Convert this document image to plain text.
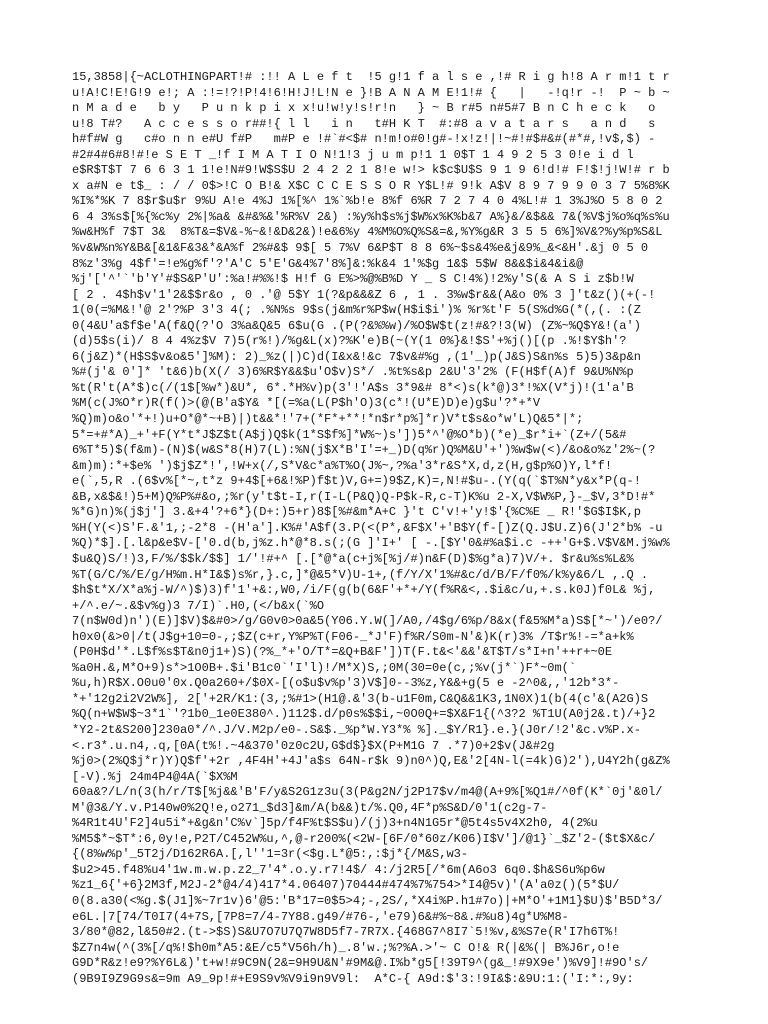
15,3858|{~ACLOTHINGPART!# :!! A L e f t  !5 g!1 f a l s e ,!# R i g h!8 A r m!1 t r
u!A!C!E!G!9 e!; A :!=!?!P!4!6!H!J!L!N e }!B A N A M E!1!# {   |   -!q!r -!  P ~ b ~
n M a d e   b y   P u n k p i x x!u!w!y!s!r!n   } ~ B r#5 n#5#7 B n C h e c k   o
u!8 T#?   A c c e s s o r##!{ l l   i n   t#H K T  #:#8 a v a t a r s   a n d   s
h#f#W g   c#o n n e#U f#P   m#P e !#`#<$# n!m!o#0!g#-!x!z!|!~#!#$#&#(#*#,!v$,$) -
#2#4#6#8!#!e S E T _!f I M A T I O N!1!3 j u m p!1 1 0$T 1 4 9 2 5 3 0!e i d l
e$R$T$T 7 6 6 3 1 1!e!N#9!W$S$U 2 4 2 2 1 8!e w!> k$c$U$S 9 1 9 6!d!# F!$!j!W!# r b
x a#N e t$_ : / / 0$>!C O B!& X$C C C E S S O R Y$L!# 9!k A$V 8 9 7 9 9 0 3 7 5%8%K
%I%*%K 7 8$r$u$r 9%U A!e 4%J 1%[%^ 1%`%b!e 8%f 6%R 7 2 7 4 0 4%L!# 1 3%J%O 5 8 0 2
6 4 3%s$[%{%c%y 2%|%a& &#&%&'%R%V 2&) :%y%h$s%j$W%x%K%b&7 A%}&/&$&& 7&(%V$j%o%q%s%u
%w&H%f 7$T 3&  8%T&=$V&-%~&!&D&2&)!e&6%y 4%M%O%Q%S&=&,%Y%g&R 3 5 5 6%]%V&?%y%p%S&L
%v&W%n%Y&B&[&1&F&3&*&A%f 2%#&$ 9$[ 5 7%V 6&P$T 8 8 6%~$s&4%e&j&9%_&<&H'.&j 0 5 0
8%z'3%g 4$f'=!e%g%f'?'A'C 5'E'G&4%7'8%]&:%k&4 1'%$g 1&$ 5$W 8&&$i&4&i&@
%j'['^'`'b'Y'#$S&P'U':%a!#%%!$ H!f G E%>%@%B%D Y _ S C!4%)!2%y'S(& A S i z$b!W
[ 2 . 4$h$v'1'2&$$r&o , 0 .'@ 5$Y 1(?&p&&&Z 6 , 1 . 3%w$r&&(A&o 0% 3 ]'t&z()(+(-!
1(0(=%M&!'@ 2'?%P 3'3 4(; .%N%s 9$s(j&m%r%P$w(H$i$i')% %r%t'F 5(S%d%G(*(,(. :(Z
0(4&U'a$f$e'A(f&Q(?'O 3%a&Q&5 6$u(G .(P(?&%%w)/%O$W$t(z!#&?!3(W) (Z%~%Q$Y&!(a')
(d)5$s(i)/ 8 4 4%z$V 7)5(r%!)/%g&L(x)?%K'e)B(~(Y(1 0%}&!$S'+%j()[(p .%!$Y$h'?
6(j&Z)*(H$S$v&o&5']%M): 2)_%z(|)C)d(I&x&!&c 7$v&#%g ,(1'_)p(J&S)S&n%s 5)5)3&p&n
%#(j'& 0']* 't&6)b(X(/ 3)6%R$Y&&$u'O$v)S*/ .%t%s&p 2&U'3'2% (F(H$f(A)f 9&U%N%p
%t(R't(A*$)c(/(1$[%w*)&U*, 6*.*H%v)p(3'!'A$s 3*9&# 8*<)s(k*@)3*!%X(V*j)!(1'a'B
%M(c(J%O*r)R(f()>(@(B'a$Y& *[(=%a(L(P$h'O)3(c*!(U*E)D)e)g$u'?*+*V
%Q)m)o&o'*+!)u+O*@*~+B)|)t&&*!'7+(*F*+**!*n$r*p%]*r)V*t$s&o*w'L)Q&5*|*;
5*=+#*A)_+'+F(Y*t*J$Z$t(A$j)Q$k(1*S$f%]*W%~)s'])5*^'@%O*b)(*e)_$r*i+`(Z+/(5&#
6%T*5)$(f&m)-(N)$(w&S*8(H)7(L):%N(j$X*B'I'=+_)D(q%r)Q%M&U'+')%w$w(<)/&o&o%z'2%~(?
&m)m):*+$e% ')$j$Z*!',!W+x(/,S*V&c*a%T%O(J%~,?%a'3*r&S*X,d,z(H,g$p%O)Y,l*f!
e(`,5,R .(6$v%[*~,t*z 9+4$[+6&!%P)f$t)V,G+=)9$Z,K)=,N!#$u-.(Y(q(`$T%N*y&x*P(q-!
&B,x&$&!)5+M)Q%P%#&o,;%r(y't$t-I,r(I-L(P&Q)Q-P$k-R,c-T)K%u 2-X,V$W%P,}-_$V,3*D!#*
%*G)n)%(j$j'] 3.&+4'?+6*}(D+:)5+r)8$[%#&m*A+C }'t C'v!+'y!$'{%C%E _ R!'$G$I$K,p
%H(Y(<)S'F.&'1,;-2*8 -(H'a'].K%#'A$f(3.P(<(P*,&F$X'+'B$Y(f-[)Z(Q.J$U.Z)6(J'2*b% -u
%Q)*$].[.l&p&e$V-['0.d(b,j%z.h*@*8.s(;(G ]'I+' [ -.[$Y'0&#%a$i.c -++'G+$.V$V&M.j%w%
$u&Q)S/!)3,F/%/$$k/$$] 1/'!#+^ [.[*@*a(c+j%[%j/#)n&F(D)$%g*a)7)V/+. $r&u%s%L&%
%T(G/C/%/E/g/H%m.H*I&$)s%r,}.c,]*@&5*V)U-1+,(f/Y/X'1%#&c/d/B/F/f0%/k%y&6/L ,.Q .
$h$t*X/X*a%j-W/^)$)3)f'1'+&:,W0,/i/F(g(b(6&F'+*+/Y(f%R&<,.$i&c/u,+.s.k0J)f0L& %j,
+/^.e/~.&$v%g)3 7/I)`.H0,(</b&x(`%O
7(n$W0d)n')(E)]$V)$&#0>/g/G0v0>0a&5(Y06.Y.W(]/A0,/4$g/6%p/8&x(f&5%M*a)S$[*~')/e0?/
h0x0(&>0|/t(J$g+10=0-,;$Z(c+r,Y%P%T(F06-_*J'F)f%R/S0m-N'&)K(r)3% /T$r%!-=*a+k%
(P0H$d'*.L$f%s$T&n0j1+)S)(?%_*+'O/T*=&Q+B&F'])T(F.t&<'&&'&T$T/s*I+n'++r+~0E
%a0H.&,M*O+9)s*>1O0B+.$i'B1c0`'I'l)!/M*X)S,;0M(30=0e(c,;%v(j*`)F*~0m(`
%u,h)R$X.O0u0'0x.Q0a260+/$0X-[(o$u$v%p'3)V$]0--3%z,Y&&+g(5 e -2^0&,,'12b*3*-
*+'12g2i2V2W%], 2['+2R/K1:(3,;%#1>(H1@.&'3(b-u1F0m,C&Q&&1K3,1N0X)1(b(4(c'&(A2G)S
%Q(n+W$W$~3*1`'?1b0_1e0E380^.)112$.d/p0s%$$i,~0O0Q+=$X&F1{(^3?2 %T1U(A0j2&.t)/+}2
*Y2-2t&S200]230a0*/^.J/V.M2p/e0-.S&$._%p*W.Y3*% %]._$Y/R1}.e.}(J0r/!2'&c.v%P.x-
<.r3*.u.n4,.q,[0A(t%!.~4&370'0z0c2U,G$d$}$X(P+M1G 7 .*7)0+2$v(J&#2g
%j0>(2%Q$j*r)Y)Q$f'+2r ,4F4H'+4J'a$s 64N-r$k 9)n0^)Q,E&'2[4N-l(=4k)G)2'),U4Y2h(g&Z%
[-V).%j 24m4P4@4A(`$X%M
60a&?/L/n(3(h/r/T$[%j&&'B'F/y&S2G1z3u(3(P&g2N/j2P17$v/m4@(A+9%[%Q1#/^0f(K*`0j'&0l/
M'@3&/Y.v.P140w0%2Q!e,o271_$d3]&m/A(b&&)t/%.Q0,4F*p%S&D/0'1(c2g-7-
%4R1t4U'F2]4u5i*+&g&n'C%v`]5p/f4F%t$S$u)/(j)3+n4N1G5r*@5t4s5v4X2h0, 4(2%u
%M5$*~$T*:6,0y!e,P2T/C452W%u,^,@-r200%(<2W-[6F/0*60z/K06)I$V']/@1}`_$Z'2-($t$X&c/
{(8%w%p'_5T2j/D162R6A.[,l''1=3r(<$g.L*@5:,:$j*{/M&S,w3-
$u2>45.f48%u4'1w.m.w.p.z2_7'4*.o.y.r7!4$/ 4:/j2R5[/*6m(A6o3 6q0.$h&S6u%p6w
%z1_6{'+6}2M3f,M2J-2*@4/4)417*4.06407)70444#474%7%754>*I4@5v)'(A'a0z()(5*$U/
0(8.a30(<%g.$(J1]%~7r1v)6'@5:'B*17=0$5>4;-,2S/,*X4i%P.h1#7o)|+M*O'+1M1}$U)$'B5D*3/
e6L.|7[74/T0I7(4+7S,[7P8=7/4-7Y88.g49/#76-,'e79)6&#%~8&.#%u8)4g*U%M8-
3/80*@82,l&50#2.(t->$S)S&U7O7U7Q7W8D5f7-7R7X.{468G7^8I7`5!%v,&%S7e(R'I7h6T%!
$Z7n4w(^(3%[/q%!$h0m*A5:&E/c5*V56h/h)_.8'w.;%?%A.>'~ C O!& R(|&%(| B%J6r,o!e
G9D*R&z!e9?%Y6L&)'t+w!#9C9N(2&=9H9U&N'#9M&@.I%b*g5[!39T9^(g&_!#9X9e')%V9]!#9O's/
(9B9I9Z9G9s&=9m A9_9p!#+E9S9v%V9i9n9V9l:  A*C-{ A9d:$'3:!9I&$:&9U:1:('I:*:,9y:
